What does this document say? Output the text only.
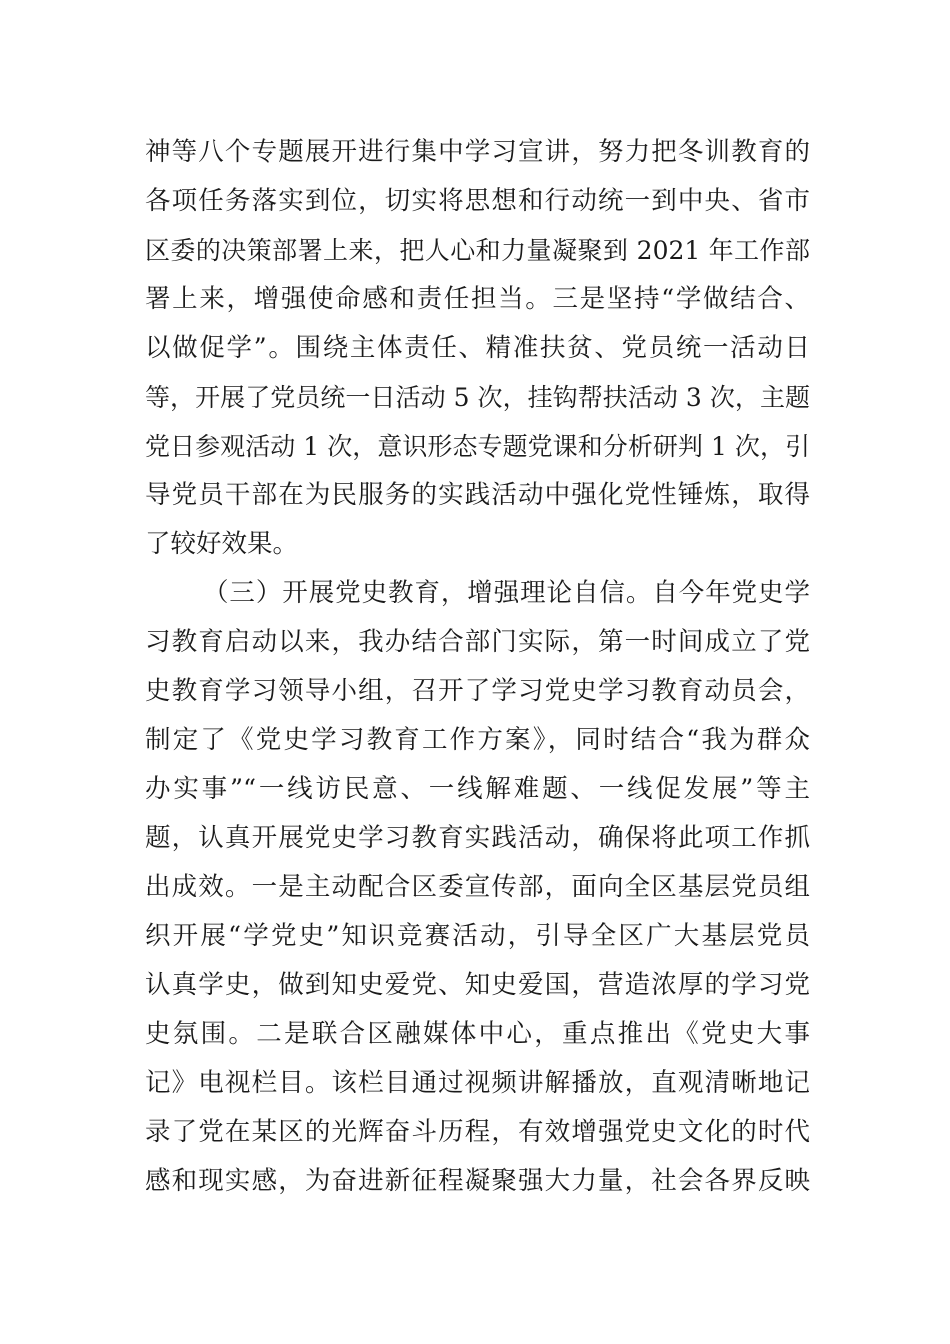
神等八个专题展开进行集中学习宣讲，努力把冬训教育的
各项任务落实到位，切实将思想和行动统一到中央、省市
区委的决策部署上来，把人心和力量凝聚到 2021 年工作部
署上来，增强使命感和责任担当。三是坚持“学做结合、
以做促学”。围绕主体责任、精准扶贫、党员统一活动日
等，开展了党员统一日活动 5 次，挂钩帮扶活动 3 次，主题
党日参观活动 1 次，意识形态专题党课和分析研判 1 次，引
导党员干部在为民服务的实践活动中强化党性锤炼，取得
了较好效果。
（三）开展党史教育，增强理论自信。自今年党史学
习教育启动以来，我办结合部门实际，第一时间成立了党
史教育学习领导小组，召开了学习党史学习教育动员会，
制定了《党史学习教育工作方案》，同时结合“我为群众
办实事”“一线访民意、一线解难题、一线促发展”等主
题，认真开展党史学习教育实践活动，确保将此项工作抓
出成效。一是主动配合区委宣传部，面向全区基层党员组
织开展“学党史”知识竞赛活动，引导全区广大基层党员
认真学史，做到知史爱党、知史爱国，营造浓厚的学习党
史氛围。二是联合区融媒体中心，重点推出《党史大事
记》电视栏目。该栏目通过视频讲解播放，直观清晰地记
录了党在某区的光辉奋斗历程，有效增强党史文化的时代
感和现实感，为奋进新征程凝聚强大力量，社会各界反映
